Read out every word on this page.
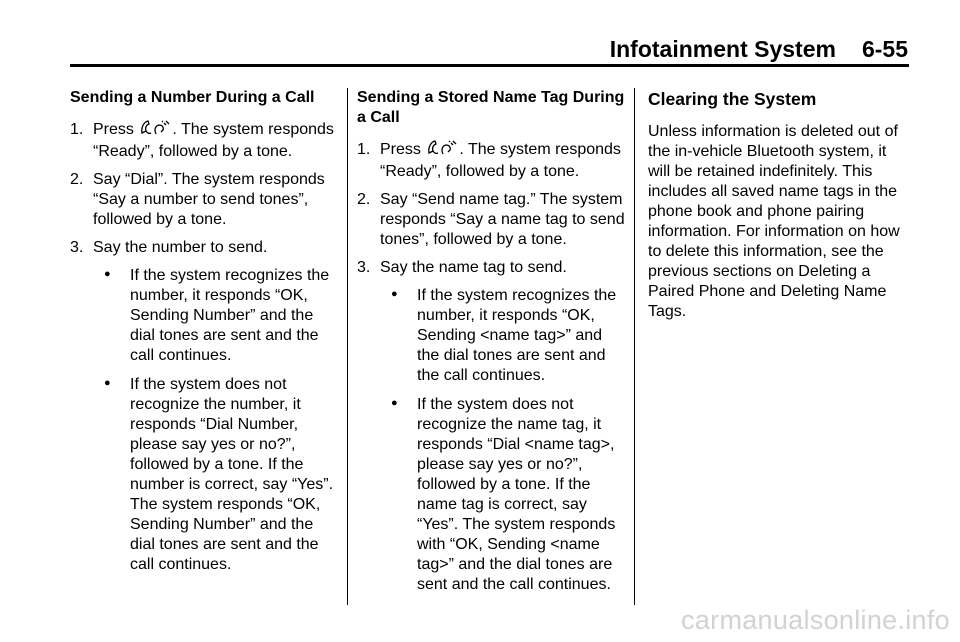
Infotainment System 6-55
Sending a Number During a Call
1. Press . The system responds “Ready”, followed by a tone.
2. Say “Dial”. The system responds “Say a number to send tones”, followed by a tone.
3. Say the number to send.
●	If the system recognizes the number, it responds “OK, Sending Number” and the dial tones are sent and the call continues.
●	If the system does not recognize the number, it responds “Dial Number, please say yes or no?”, followed by a tone. If the number is correct, say “Yes”. The system responds “OK, Sending Number” and the dial tones are sent and the call continues.
Sending a Stored Name Tag During a Call
1. Press . The system responds “Ready”, followed by a tone.
2. Say “Send name tag.” The system responds “Say a name tag to send tones”, followed by a tone.
3. Say the name tag to send.
●	If the system recognizes the number, it responds “OK, Sending <name tag>” and the dial tones are sent and the call continues.
●	If the system does not recognize the name tag, it responds “Dial <name tag>, please say yes or no?”, followed by a tone. If the name tag is correct, say “Yes”. The system responds with “OK, Sending <name tag>” and the dial tones are sent and the call continues.
Clearing the System

Unless information is deleted out of the in-vehicle Bluetooth system, it will be retained indefinitely. This includes all saved name tags in the phone book and phone pairing information. For information on how to delete this information, see the previous sections on Deleting a Paired Phone and Deleting Name Tags.

carmanualsonline.info
